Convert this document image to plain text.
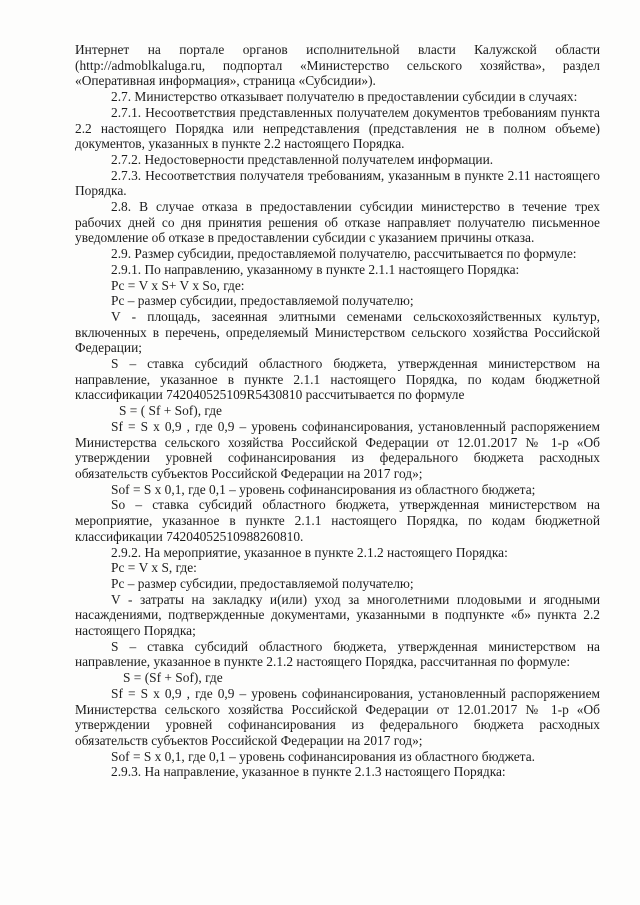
Интернет на портале органов исполнительной власти Калужской области (http://admoblkaluga.ru, подпортал «Министерство сельского хозяйства», раздел «Оперативная информация», страница «Субсидии»).

2.7. Министерство отказывает получателю в предоставлении субсидии в случаях:

2.7.1. Несоответствия представленных получателем документов требованиям пункта 2.2 настоящего Порядка или непредставления (представления не в полном объеме) документов, указанных в пункте 2.2 настоящего Порядка.

2.7.2. Недостоверности представленной получателем информации.

2.7.3. Несоответствия получателя требованиям, указанным в пункте 2.11 настоящего Порядка.

2.8. В случае отказа в предоставлении субсидии министерство в течение трех рабочих дней со дня принятия решения об отказе направляет получателю письменное уведомление об отказе в предоставлении субсидии с указанием причины отказа.

2.9. Размер субсидии, предоставляемой получателю, рассчитывается по формуле:

2.9.1. По направлению, указанному в пункте 2.1.1 настоящего Порядка:

Рс = V x S+ V x So, где:

Рс – размер субсидии, предоставляемой получателю;

V - площадь, засеянная элитными семенами сельскохозяйственных культур, включенных в перечень, определяемый Министерством сельского хозяйства Российской Федерации;

S – ставка субсидий областного бюджета, утвержденная министерством на направление, указанное в пункте 2.1.1 настоящего Порядка, по кодам бюджетной классификации 742040525109R5430810 рассчитывается по формуле

S = ( Sf + Sof), где

Sf = S x 0,9 , где 0,9 – уровень софинансирования, установленный распоряжением Министерства сельского хозяйства Российской Федерации от 12.01.2017 № 1-р «Об утверждении уровней софинансирования из федерального бюджета расходных обязательств субъектов Российской Федерации на 2017 год»;

Sof = S x 0,1, где 0,1 – уровень софинансирования из областного бюджета;

So – ставка субсидий областного бюджета, утвержденная министерством на мероприятие, указанное в пункте 2.1.1 настоящего Порядка, по кодам бюджетной классификации 74204052510988260810.

2.9.2. На мероприятие, указанное в пункте 2.1.2 настоящего Порядка:

Рс = V x S, где:

Рс – размер субсидии, предоставляемой получателю;

V - затраты на закладку и(или) уход за многолетними плодовыми и ягодными насаждениями, подтвержденные документами, указанными в подпункте «б» пункта 2.2 настоящего Порядка;

S – ставка субсидий областного бюджета, утвержденная министерством на направление, указанное в пункте 2.1.2 настоящего Порядка, рассчитанная по формуле:

S = (Sf + Sof), где

Sf = S x 0,9 , где 0,9 – уровень софинансирования, установленный распоряжением Министерства сельского хозяйства Российской Федерации от 12.01.2017 № 1-р «Об утверждении уровней софинансирования из федерального бюджета расходных обязательств субъектов Российской Федерации на 2017 год»;

Sof = S x 0,1, где 0,1 – уровень софинансирования из областного бюджета.

2.9.3. На направление, указанное в пункте 2.1.3 настоящего Порядка:
